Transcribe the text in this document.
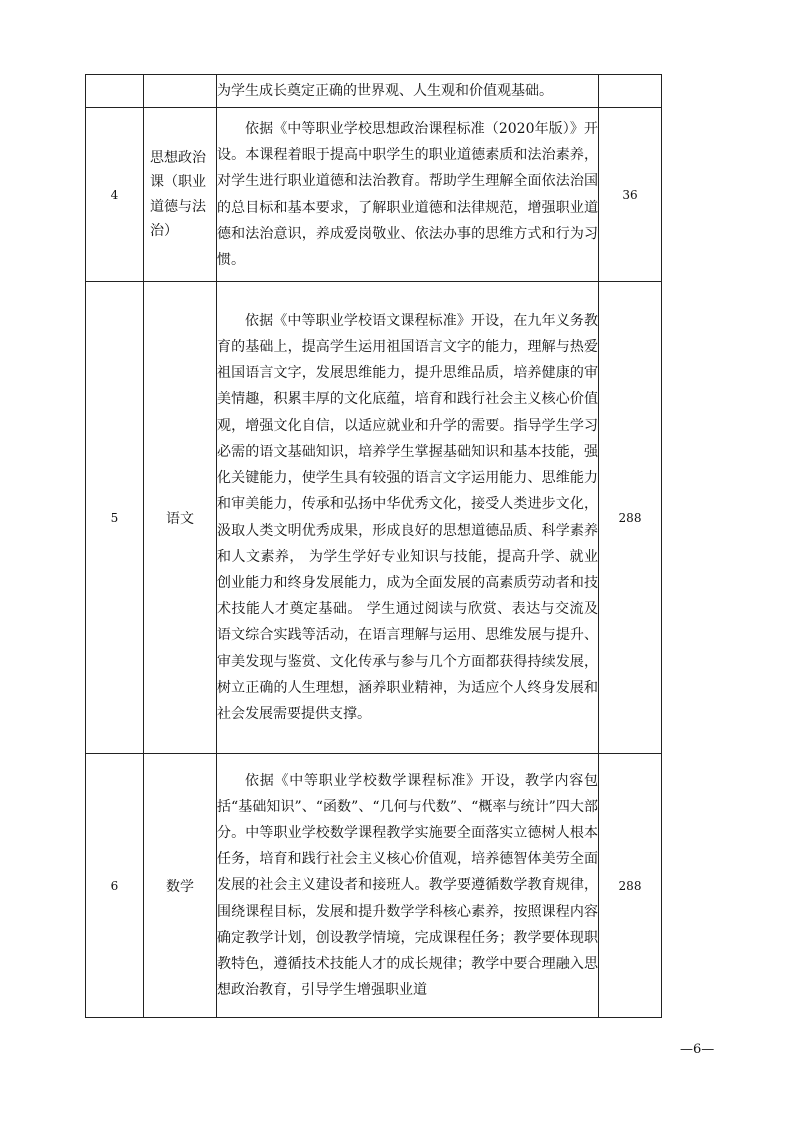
		为学生成长奠定正确的世界观、人生观和价值观基础。	

4	思想政治课（职业道德与法治）	依据《中等职业学校思想政治课程标准（2020年版）》开设。本课程着眼于提高中职学生的职业道德素质和法治素养，对学生进行职业道德和法治教育。帮助学生理解全面依法治国的总目标和基本要求，了解职业道德和法律规范，增强职业道德和法治意识，养成爱岗敬业、依法办事的思维方式和行为习惯。	36
5	语文	依据《中等职业学校语文课程标准》开设，在九年义务教育的基础上，提高学生运用祖国语言文字的能力，理解与热爱祖国语言文字，发展思维能力，提升思维品质，培养健康的审美情趣，积累丰厚的文化底蕴，培育和践行社会主义核心价值观，增强文化自信，以适应就业和升学的需要。指导学生学习必需的语文基础知识，培养学生掌握基础知识和基本技能，强化关键能力，使学生具有较强的语言文字运用能力、思维能力和审美能力，传承和弘扬中华优秀文化，接受人类进步文化，汲取人类文明优秀成果，形成良好的思想道德品质、科学素养和人文素养， 为学生学好专业知识与技能，提高升学、就业创业能力和终身发展能力，成为全面发展的高素质劳动者和技术技能人才奠定基础。 学生通过阅读与欣赏、表达与交流及语文综合实践等活动，在语言理解与运用、思维发展与提升、审美发现与鉴赏、文化传承与参与几个方面都获得持续发展，树立正确的人生理想，涵养职业精神，为适应个人终身发展和社会发展需要提供支撑。	288
6	数学	依据《中等职业学校数学课程标准》开设，教学内容包括“基础知识”、“函数”、“几何与代数”、“概率与统计”四大部分。中等职业学校数学课程教学实施要全面落实立德树人根本任务，培育和践行社会主义核心价值观，培养德智体美劳全面发展的社会主义建设者和接班人。教学要遵循数学教育规律，围绕课程目标，发展和提升数学学科核心素养，按照课程内容确定教学计划，创设教学情境，完成课程任务；教学要体现职教特色，遵循技术技能人才的成长规律；教学中要合理融入思想政治教育，引导学生增强职业道	288
—6—
